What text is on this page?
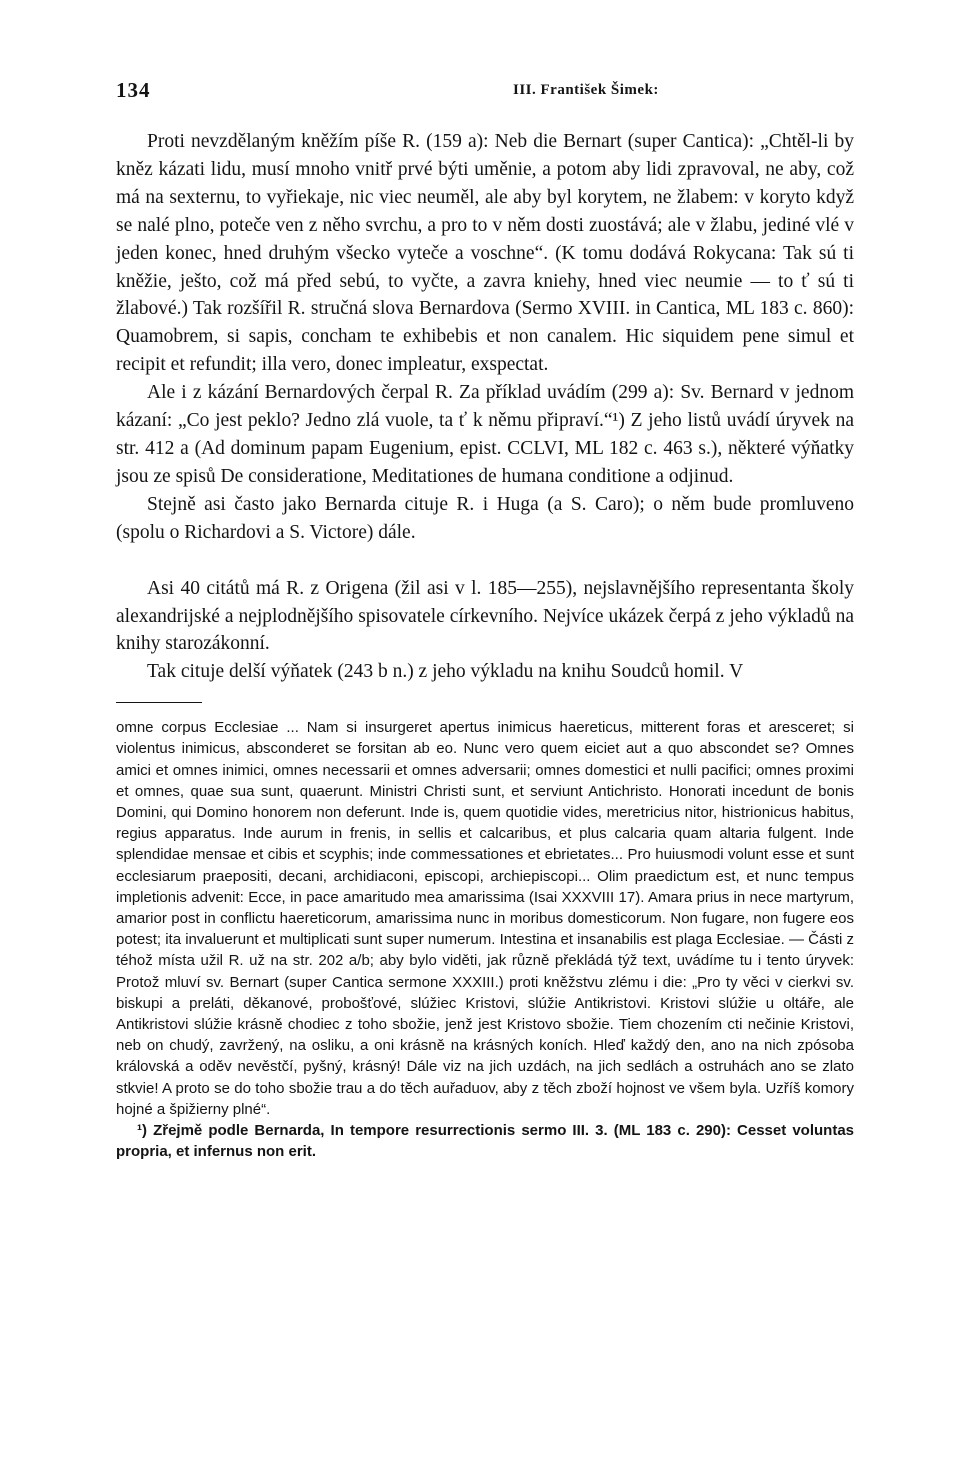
134	III. František Šimek:

Proti nevzdělaným kněžím píše R. (159 a): Neb die Bernart (super Cantica): „Chtěl-li by kněz kázati lidu, musí mnoho vnitř prvé býti uměnie, a potom aby lidi zpravoval, ne aby, což má na sexternu, to vyřiekaje, nic viec neuměl, ale aby byl korytem, ne žlabem: v koryto když se nalé plno, poteče ven z něho svrchu, a pro to v něm dosti zuostává; ale v žlabu, jediné vlé v jeden konec, hned druhým všecko vyteče a voschne“. (K tomu dodává Rokycana: Tak sú ti kněžie, ješto, což má před sebú, to vyčte, a zavra kniehy, hned viec neumie — to ť sú ti žlabové.) Tak rozšířil R. stručná slova Bernardova (Sermo XVIII. in Cantica, ML 183 c. 860): Quamobrem, si sapis, concham te exhibebis et non canalem. Hic siquidem pene simul et recipit et refundit; illa vero, donec impleatur, exspectat.

Ale i z kázání Bernardových čerpal R. Za příklad uvádím (299 a): Sv. Bernard v jednom kázaní: „Co jest peklo? Jedno zlá vuole, ta ť k němu připraví.“¹) Z jeho listů uvádí úryvek na str. 412 a (Ad dominum papam Eugenium, epist. CCLVI, ML 182 c. 463 s.), některé výňatky jsou ze spisů De consideratione, Meditationes de humana conditione a odjinud.

Stejně asi často jako Bernarda cituje R. i Huga (a S. Caro); o něm bude promluveno (spolu o Richardovi a S. Victore) dále.

Asi 40 citátů má R. z Origena (žil asi v l. 185—255), nejslavnějšího representanta školy alexandrijské a nejplodnějšího spisovatele církevního. Nejvíce ukázek čerpá z jeho výkladů na knihy starozákonní.

Tak cituje delší výňatek (243 b n.) z jeho výkladu na knihu Soudců homil. V

omne corpus Ecclesiae ... Nam si insurgeret apertus inimicus haereticus, mitterent foras et aresceret; si violentus inimicus, absconderet se forsitan ab eo. Nunc vero quem eiciet aut a quo abscondet se? Omnes amici et omnes inimici, omnes necessarii et omnes adversarii; omnes domestici et nulli pacifici; omnes proximi et omnes, quae sua sunt, quaerunt. Ministri Christi sunt, et serviunt Antichristo. Honorati incedunt de bonis Domini, qui Domino honorem non deferunt. Inde is, quem quotidie vides, meretricius nitor, histrionicus habitus, regius apparatus. Inde aurum in frenis, in sellis et calcaribus, et plus calcaria quam altaria fulgent. Inde splendidae mensae et cibis et scyphis; inde commessationes et ebrietates... Pro huiusmodi volunt esse et sunt ecclesiarum praepositi, decani, archidiaconi, episcopi, archiepiscopi... Olim praedictum est, et nunc tempus impletionis advenit: Ecce, in pace amaritudo mea amarissima (Isai XXXVIII 17). Amara prius in nece martyrum, amarior post in conflictu haereticorum, amarissima nunc in moribus domesticorum. Non fugare, non fugere eos potest; ita invaluerunt et multiplicati sunt super numerum. Intestina et insanabilis est plaga Ecclesiae. — Části z téhož místa užil R. už na str. 202 a/b; aby bylo viděti, jak různě překládá týž text, uvádíme tu i tento úryvek: Protož mluví sv. Bernart (super Cantica sermone XXXIII.) proti kněžstvu zlému i die: „Pro ty věci v cierkvi sv. biskupi a preláti, děkanové, probošťové, slúžiec Kristovi, slúžie Antikristovi. Kristovi slúžie u oltáře, ale Antikristovi slúžie krásně chodiec z toho sbožie, jenž jest Kristovo sbožie. Tiem chozením cti nečinie Kristovi, neb on chudý, zavržený, na osliku, a oni krásně na krásných koních. Hleď každý den, ano na nich zpósoba královská a oděv nevěstčí, pyšný, krásný! Dále viz na jich uzdách, na jich sedlách a ostruhách ano se zlato stkvie! A proto se do toho sbožie trau a do těch auřaduov, aby z těch zboží hojnost ve všem byla. Uzříš komory hojné a špižierny plné“.

¹) Zřejmě podle Bernarda, In tempore resurrectionis sermo III. 3. (ML 183 c. 290): Cesset voluntas propria, et infernus non erit.
